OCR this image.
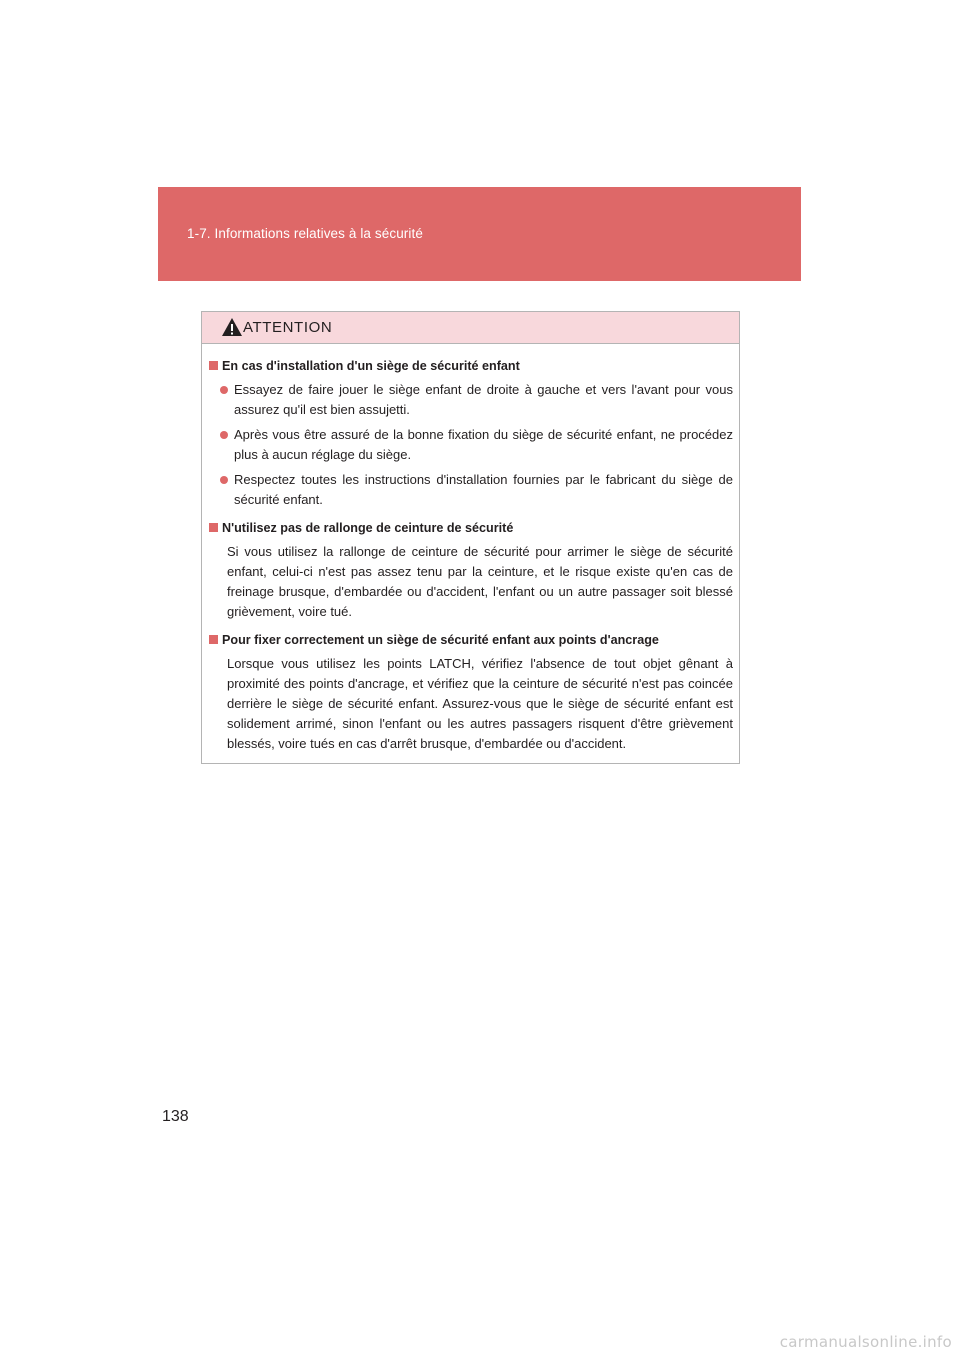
1-7. Informations relatives à la sécurité
ATTENTION
En cas d'installation d'un siège de sécurité enfant
Essayez de faire jouer le siège enfant de droite à gauche et vers l'avant pour vous assurez qu'il est bien assujetti.
Après vous être assuré de la bonne fixation du siège de sécurité enfant, ne procédez plus à aucun réglage du siège.
Respectez toutes les instructions d'installation fournies par le fabricant du siège de sécurité enfant.
N'utilisez pas de rallonge de ceinture de sécurité
Si vous utilisez la rallonge de ceinture de sécurité pour arrimer le siège de sécurité enfant, celui-ci n'est pas assez tenu par la ceinture, et le risque existe qu'en cas de freinage brusque, d'embardée ou d'accident, l'enfant ou un autre passager soit blessé grièvement, voire tué.
Pour fixer correctement un siège de sécurité enfant aux points d'ancrage
Lorsque vous utilisez les points LATCH, vérifiez l'absence de tout objet gênant à proximité des points d'ancrage, et vérifiez que la ceinture de sécurité n'est pas coincée derrière le siège de sécurité enfant. Assurez-vous que le siège de sécurité enfant est solidement arrimé, sinon l'enfant ou les autres passagers risquent d'être grièvement blessés, voire tués en cas d'arrêt brusque, d'embardée ou d'accident.
138
carmanualsonline.info
